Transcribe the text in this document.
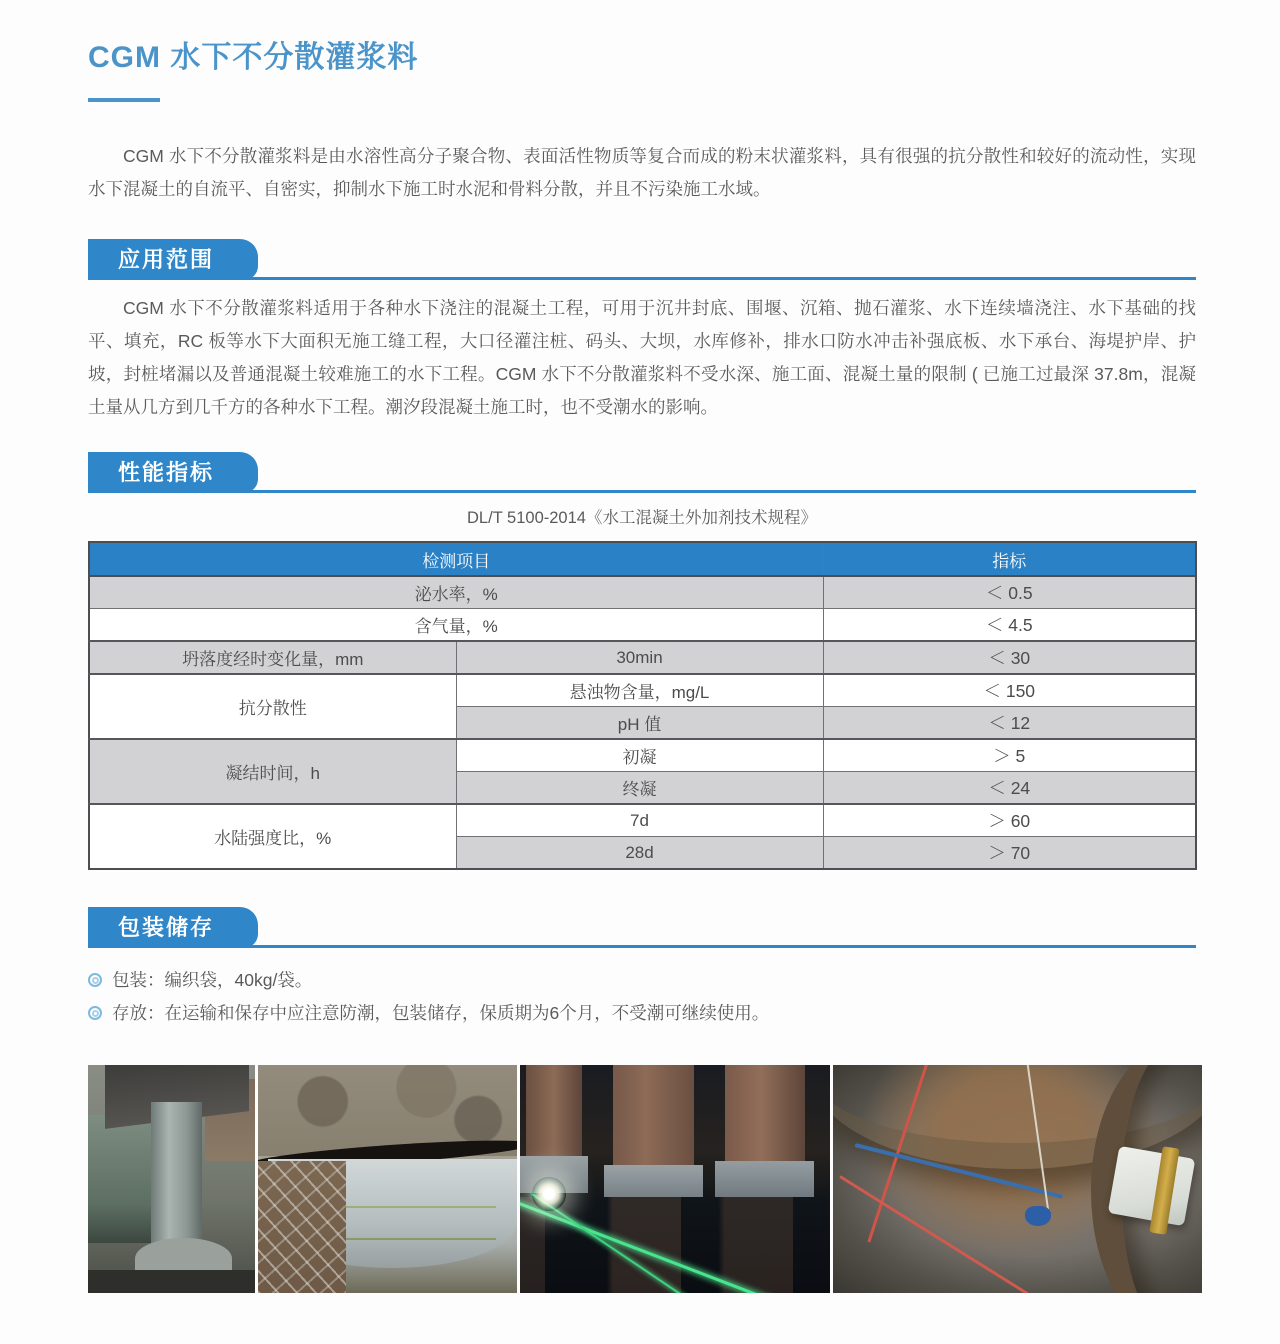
CGM 水下不分散灌浆料

CGM 水下不分散灌浆料是由水溶性高分子聚合物、表面活性物质等复合而成的粉末状灌浆料，具有很强的抗分散性和较好的流动性，实现水下混凝土的自流平、自密实，抑制水下施工时水泥和骨料分散，并且不污染施工水域。

应用范围

CGM 水下不分散灌浆料适用于各种水下浇注的混凝土工程，可用于沉井封底、围堰、沉箱、抛石灌浆、水下连续墙浇注、水下基础的找平、填充，RC 板等水下大面积无施工缝工程，大口径灌注桩、码头、大坝，水库修补，排水口防水冲击补强底板、水下承台、海堤护岸、护坡，封桩堵漏以及普通混凝土较难施工的水下工程。CGM 水下不分散灌浆料不受水深、施工面、混凝土量的限制 ( 已施工过最深 37.8m，混凝土量从几方到几千方的各种水下工程。潮汐段混凝土施工时，也不受潮水的影响。

性能指标
DL/T 5100-2014《水工混凝土外加剂技术规程》
检测项目		指标
泌水率，%		＜ 0.5
含气量，%		＜ 4.5
坍落度经时变化量，mm	30min	＜ 30
抗分散性	悬浊物含量，mg/L	＜ 150
	pH 值	＜ 12
凝结时间，h	初凝	＞ 5
	终凝	＜ 24
水陆强度比，%	7d	＞ 60
	28d	＞ 70
包装储存
包装：编织袋，40kg/袋。
存放：在运输和保存中应注意防潮，包装储存，保质期为6个月，不受潮可继续使用。
